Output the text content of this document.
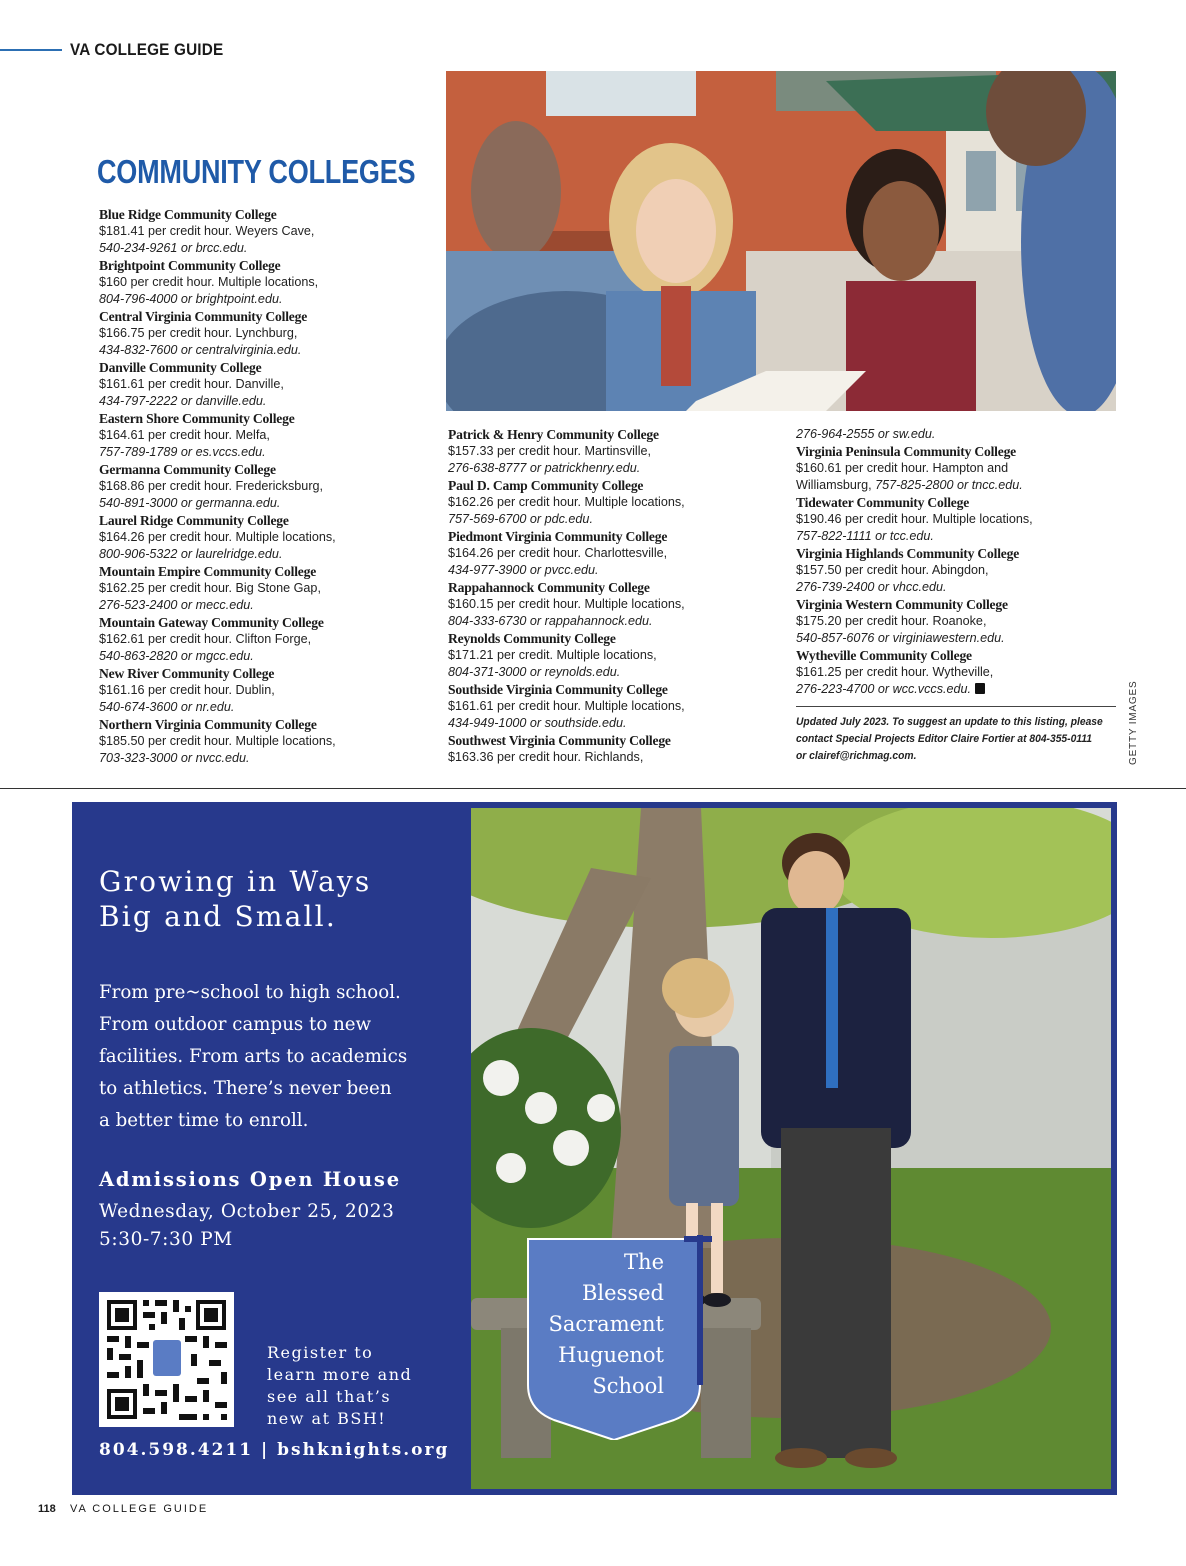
VA COLLEGE GUIDE
COMMUNITY COLLEGES
Blue Ridge Community College
$181.41 per credit hour. Weyers Cave,
540-234-9261 or brcc.edu.
Brightpoint Community College
$160 per credit hour. Multiple locations,
804-796-4000 or brightpoint.edu.
Central Virginia Community College
$166.75 per credit hour. Lynchburg,
434-832-7600 or centralvirginia.edu.
Danville Community College
$161.61 per credit hour. Danville,
434-797-2222 or danville.edu.
Eastern Shore Community College
$164.61 per credit hour. Melfa,
757-789-1789 or es.vccs.edu.
Germanna Community College
$168.86 per credit hour. Fredericksburg,
540-891-3000 or germanna.edu.
Laurel Ridge Community College
$164.26 per credit hour. Multiple locations,
800-906-5322 or laurelridge.edu.
Mountain Empire Community College
$162.25 per credit hour. Big Stone Gap,
276-523-2400 or mecc.edu.
Mountain Gateway Community College
$162.61 per credit hour. Clifton Forge,
540-863-2820 or mgcc.edu.
New River Community College
$161.16 per credit hour. Dublin,
540-674-3600 or nr.edu.
Northern Virginia Community College
$185.50 per credit hour. Multiple locations,
703-323-3000 or nvcc.edu.
Patrick & Henry Community College
$157.33 per credit hour. Martinsville,
276-638-8777 or patrickhenry.edu.
Paul D. Camp Community College
$162.26 per credit hour. Multiple locations,
757-569-6700 or pdc.edu.
Piedmont Virginia Community College
$164.26 per credit hour. Charlottesville,
434-977-3900 or pvcc.edu.
Rappahannock Community College
$160.15 per credit hour. Multiple locations,
804-333-6730 or rappahannock.edu.
Reynolds Community College
$171.21 per credit. Multiple locations,
804-371-3000 or reynolds.edu.
Southside Virginia Community College
$161.61 per credit hour. Multiple locations,
434-949-1000 or southside.edu.
Southwest Virginia Community College
$163.36 per credit hour. Richlands,
276-964-2555 or sw.edu.
Virginia Peninsula Community College
$160.61 per credit hour. Hampton and
Williamsburg, 757-825-2800 or tncc.edu.
Tidewater Community College
$190.46 per credit hour. Multiple locations,
757-822-1111 or tcc.edu.
Virginia Highlands Community College
$157.50 per credit hour. Abingdon,
276-739-2400 or vhcc.edu.
Virginia Western Community College
$175.20 per credit hour. Roanoke,
540-857-6076 or virginiawestern.edu.
Wytheville Community College
$161.25 per credit hour. Wytheville,
276-223-4700 or wcc.vccs.edu.
Updated July 2023. To suggest an update to this listing, please
contact Special Projects Editor Claire Fortier at 804-355-0111
or clairef@richmag.com.	GETTY IMAGES
Growing in Ways
Big and Small.
From pre~school to high school.
From outdoor campus to new
facilities. From arts to academics
to athletics. There’s never been
a better time to enroll.
Admissions Open House
Wednesday, October 25, 2023
5:30-7:30 PM
Register to
learn more and
see all that’s
new at BSH!
804.598.4211 | bshknights.org
The
Blessed
Sacrament
Huguenot
School
118 VA COLLEGE GUIDE
